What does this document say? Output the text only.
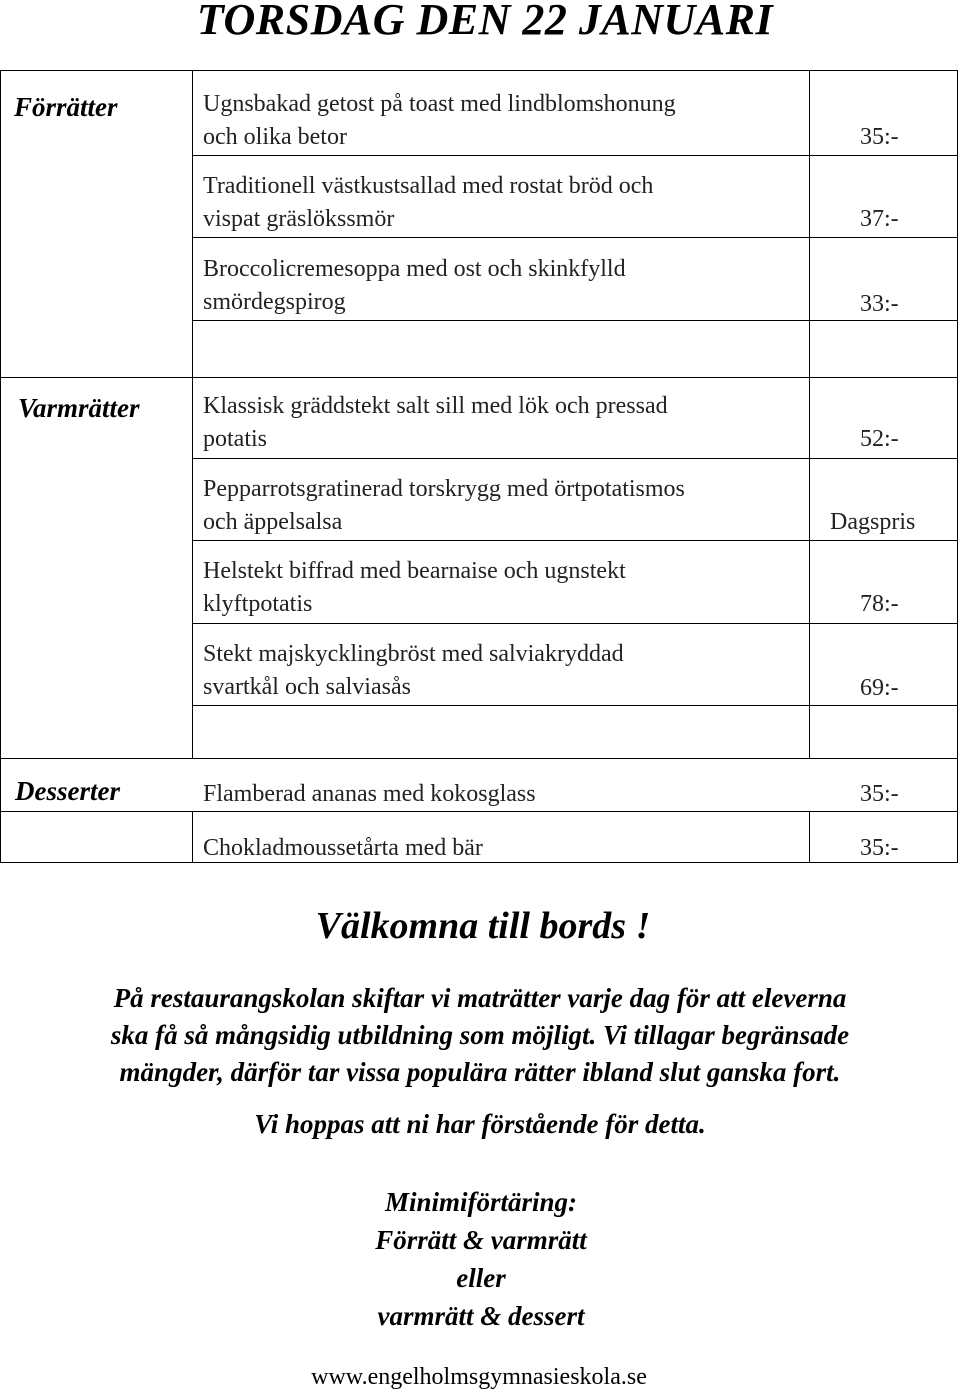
TORSDAG DEN 22 JANUARI
Förrätter	Ugnsbakad getost på toast med lindblomshonung
och olika betor	35:-
Traditionell västkustsallad med rostat bröd och
vispat gräslökssmör	37:-
Broccolicremesoppa med ost och skinkfylld
smördegspirog	33:-
Varmrätter	Klassisk gräddstekt salt sill med lök och pressad
potatis	52:-
Pepparrotsgratinerad torskrygg med örtpotatismos
och äppelsalsa	Dagspris
Helstekt biffrad med bearnaise och ugnstekt
klyftpotatis	78:-
Stekt majskycklingbröst med salviakryddad
svartkål och salviasås	69:-
Desserter	Flamberad ananas med kokosglass	35:-
Chokladmoussetårta med bär	35:-
Välkomna till bords !
På restaurangskolan skiftar vi maträtter varje dag för att eleverna
ska få så mångsidig utbildning som möjligt. Vi tillagar begränsade
mängder, därför tar vissa populära rätter ibland slut ganska fort.
Vi hoppas att ni har förstående för detta.
Minimiförtäring:
Förrätt & varmrätt
eller
varmrätt & dessert
www.engelholmsgymnasieskola.se
